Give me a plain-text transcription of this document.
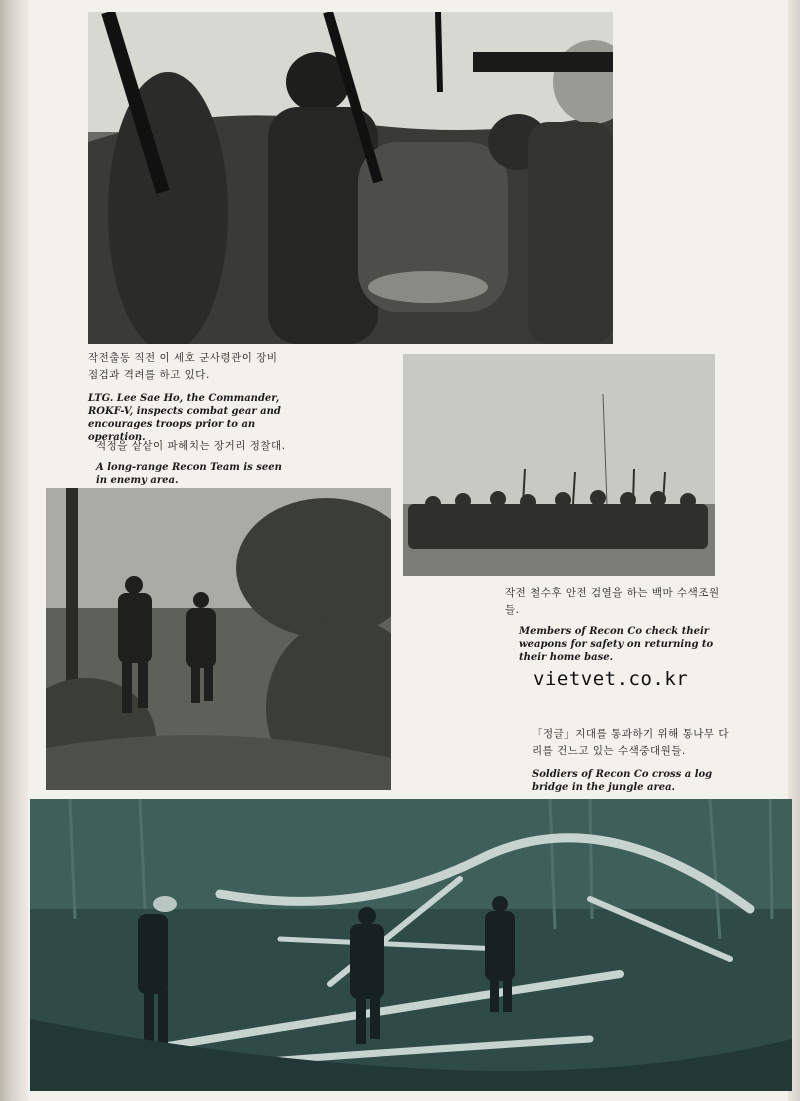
작전출동 직전 이 세호 군사령관이 장비 점검과 격려를 하고 있다.
LTG. Lee Sae Ho, the Commander, ROKF-V, inspects combat gear and encourages troops prior to an operation.
적정을 샅샅이 파헤치는 장거리 정찰대.
A long-range Recon Team is seen in enemy area.
작전 철수후 안전 검열을 하는 백마 수색조원들.
Members of Recon Co check their weapons for safety on returning to their home base.
「정글」지대를 통과하기 위해 통나무 다리를 건느고 있는 수색중대원들.
Soldiers of Recon Co cross a log bridge in the jungle area.
vietvet.co.kr
